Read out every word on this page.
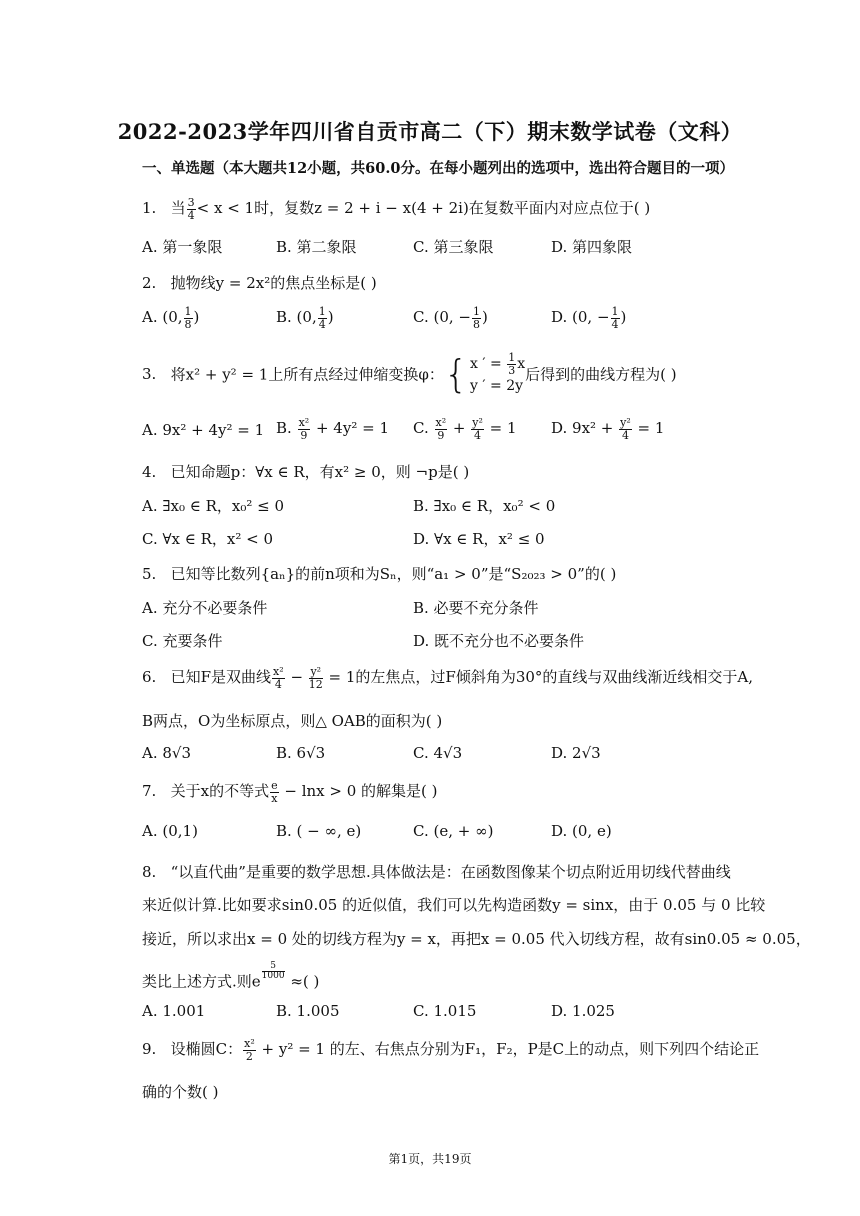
2022-2023学年四川省自贡市高二（下）期末数学试卷（文科）
一、单选题（本大题共12小题，共60.0分。在每小题列出的选项中，选出符合题目的一项）
1. 当 $\frac{3}{4} < x < 1$时，复数z = 2 + i − x(4 + 2i)在复数平面内对应点位于( )
A. 第一象限	B. 第二象限	C. 第三象限	D. 第四象限
2. 抛物线y = 2x²的焦点坐标是( )
A. (0, $\frac{1}{8}$ )	B. (0, $\frac{1}{4}$ )	C. (0, − $\frac{1}{8}$ )	D. (0, − $\frac{1}{4}$ )
3. 将x² + y² = 1上所有点经过伸缩变换φ：{ x ′ = $\frac{1}{3}$ x
y ′ = 2y
后得到的曲线方程为( )
A. 9x² + 4y² = 1 B. $\frac{\text{x²}}{9} + 4y^2 = 1$ C. $\frac{\text{x²}}{9} + \frac{\text{y²}}{4} = 1$ D. $9x^2 + \frac{\text{y²}}{4} = 1$
4. 已知命题p：∀x ∈ R，有x² ≥ 0，则 ¬p是( )
A. ∃x₀ ∈ R，x₀² ≤ 0	B. ∃x₀ ∈ R，x₀² < 0
C. ∀x ∈ R，x² < 0	D. ∀x ∈ R，x² ≤ 0
5. 已知等比数列{aₙ}的前n项和为Sₙ，则“a₁ > 0”是“S₂₀₂₃ > 0”的( )
A. 充分不必要条件	B. 必要不充分条件
C. 充要条件	D. 既不充分也不必要条件
6. 已知F是双曲线 $\frac{\text{x²}}{4} - \frac{\text{y²}}{12} = 1$的左焦点，过F倾斜角为30°的直线与双曲线渐近线相交于A,
B两点，O为坐标原点，则△ OAB的面积为( )
A. 8√3	B. 6√3	C. 4√3	D. 2√3
7. 关于x的不等式 $\frac{e}{x} - \ln x > 0$ 的解集是( )
A. (0,1)	B. ( − ∞, e)	C. (e, + ∞)	D. (0, e)
8. “以直代曲”是重要的数学思想.具体做法是：在函数图像某个切点附近用切线代替曲线
来近似计算.比如要求sin0.05 的近似值，我们可以先构造函数y = sinx，由于 0.05 与 0 比较
接近，所以求出x = 0 处的切线方程为y = x，再把x = 0.05 代入切线方程，故有sin0.05 ≈ 0.05，
类比上述方式.则e $\frac{5}{1000}$ ≈( )
A. 1.001	B. 1.005	C. 1.015	D. 1.025
9. 设椭圆C： $\frac{\text{x²}}{2} + y^2 = 1$ 的左、右焦点分别为F₁，F₂，P是C上的动点，则下列四个结论正
确的个数( )
第1页，共19页
